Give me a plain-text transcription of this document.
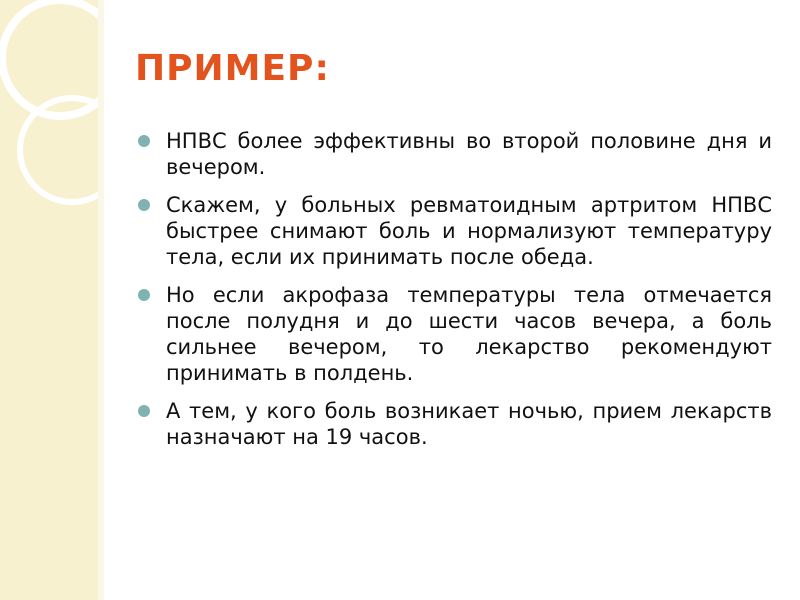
ПРИМЕР:
НПВС более эффективны во второй половине дня и вечером.
Скажем, у больных ревматоидным артритом НПВС быстрее снимают боль и нормализуют температуру тела, если их принимать после обеда.
Но если акрофаза температуры тела отмечается после полудня и до шести часов вечера, а боль сильнее вечером, то лекарство рекомендуют принимать в полдень.
А тем, у кого боль возникает ночью, прием лекарств назначают на 19 часов.
